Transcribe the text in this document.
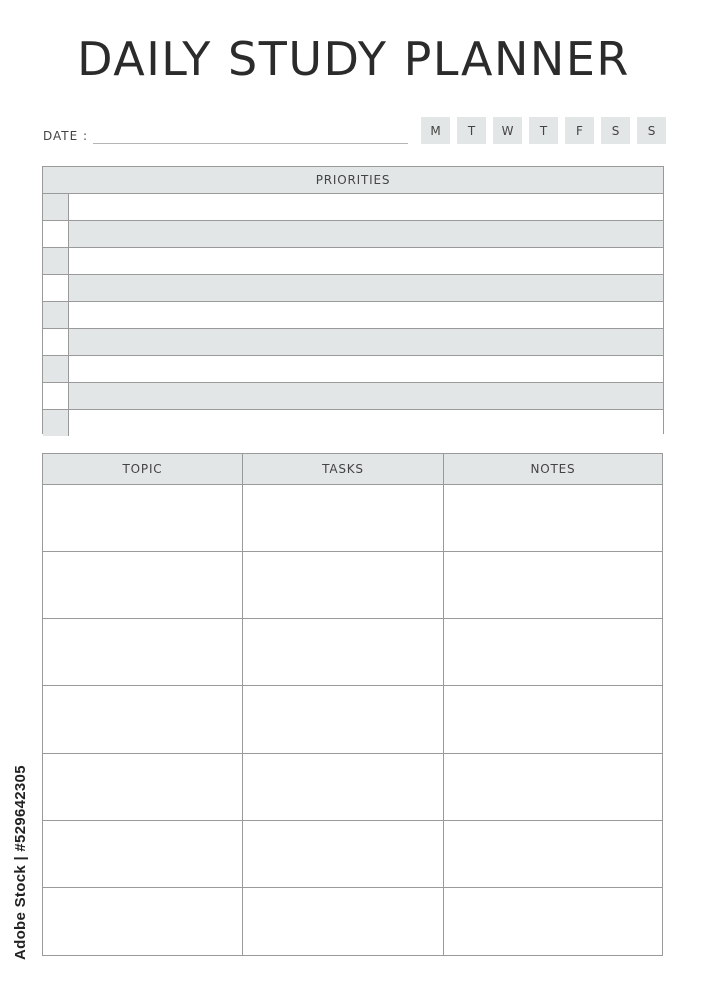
DAILY STUDY PLANNER
DATE :	M	T	W	T	F	S	S
PRIORITIES
TOPIC	TASKS	NOTES
Adobe Stock | #529642305
